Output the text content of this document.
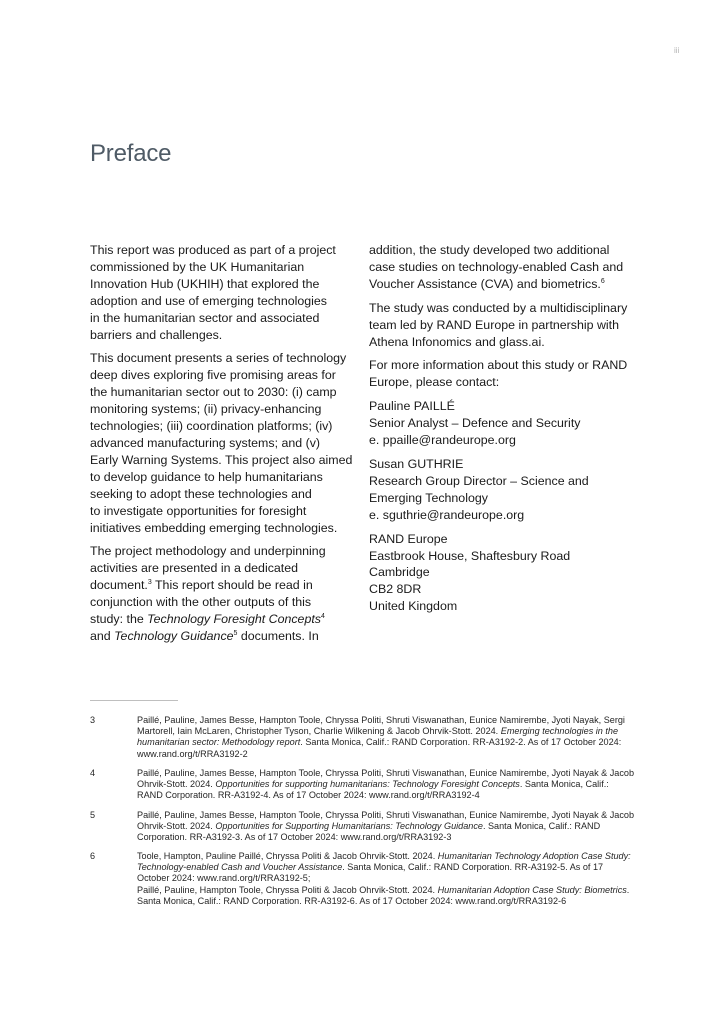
iii
Preface

This report was produced as part of a project
commissioned by the UK Humanitarian
Innovation Hub (UKHIH) that explored the
adoption and use of emerging technologies
in the humanitarian sector and associated
barriers and challenges.

This document presents a series of technology
deep dives exploring five promising areas for
the humanitarian sector out to 2030: (i) camp
monitoring systems; (ii) privacy-enhancing
technologies; (iii) coordination platforms; (iv)
advanced manufacturing systems; and (v)
Early Warning Systems. This project also aimed
to develop guidance to help humanitarians
seeking to adopt these technologies and
to investigate opportunities for foresight
initiatives embedding emerging technologies.

The project methodology and underpinning
activities are presented in a dedicated
document.$^3$ This report should be read in
conjunction with the other outputs of this
study: the Technology Foresight Concepts$^4$
and Technology Guidance$^5$ documents. In

addition, the study developed two additional
case studies on technology-enabled Cash and
Voucher Assistance (CVA) and biometrics.$^6$

The study was conducted by a multidisciplinary
team led by RAND Europe in partnership with
Athena Infonomics and glass.ai.

For more information about this study or RAND
Europe, please contact:

Pauline PAILLÉ
Senior Analyst – Defence and Security
e. ppaille@randeurope.org

Susan GUTHRIE
Research Group Director – Science and
Emerging Technology
e. sguthrie@randeurope.org

RAND Europe
Eastbrook House, Shaftesbury Road
Cambridge
CB2 8DR
United Kingdom

3	Paillé, Pauline, James Besse, Hampton Toole, Chryssa Politi, Shruti Viswanathan, Eunice Namirembe, Jyoti Nayak, Sergi Martorell, Iain McLaren, Christopher Tyson, Charlie Wilkening & Jacob Ohrvik-Stott. 2024. Emerging technologies in the humanitarian sector: Methodology report. Santa Monica, Calif.: RAND Corporation. RR-A3192-2. As of 17 October 2024: www.rand.org/t/RRA3192-2
4	Paillé, Pauline, James Besse, Hampton Toole, Chryssa Politi, Shruti Viswanathan, Eunice Namirembe, Jyoti Nayak & Jacob Ohrvik-Stott. 2024. Opportunities for supporting humanitarians: Technology Foresight Concepts. Santa Monica, Calif.: RAND Corporation. RR-A3192-4. As of 17 October 2024: www.rand.org/t/RRA3192-4
5	Paillé, Pauline, James Besse, Hampton Toole, Chryssa Politi, Shruti Viswanathan, Eunice Namirembe, Jyoti Nayak & Jacob Ohrvik-Stott. 2024. Opportunities for Supporting Humanitarians: Technology Guidance. Santa Monica, Calif.: RAND Corporation. RR-A3192-3. As of 17 October 2024: www.rand.org/t/RRA3192-3
6	Toole, Hampton, Pauline Paillé, Chryssa Politi & Jacob Ohrvik-Stott. 2024. Humanitarian Technology Adoption Case Study: Technology-enabled Cash and Voucher Assistance. Santa Monica, Calif.: RAND Corporation. RR-A3192-5. As of 17 October 2024: www.rand.org/t/RRA3192-5;
Paillé, Pauline, Hampton Toole, Chryssa Politi & Jacob Ohrvik-Stott. 2024. Humanitarian Adoption Case Study: Biometrics. Santa Monica, Calif.: RAND Corporation. RR-A3192-6. As of 17 October 2024: www.rand.org/t/RRA3192-6
